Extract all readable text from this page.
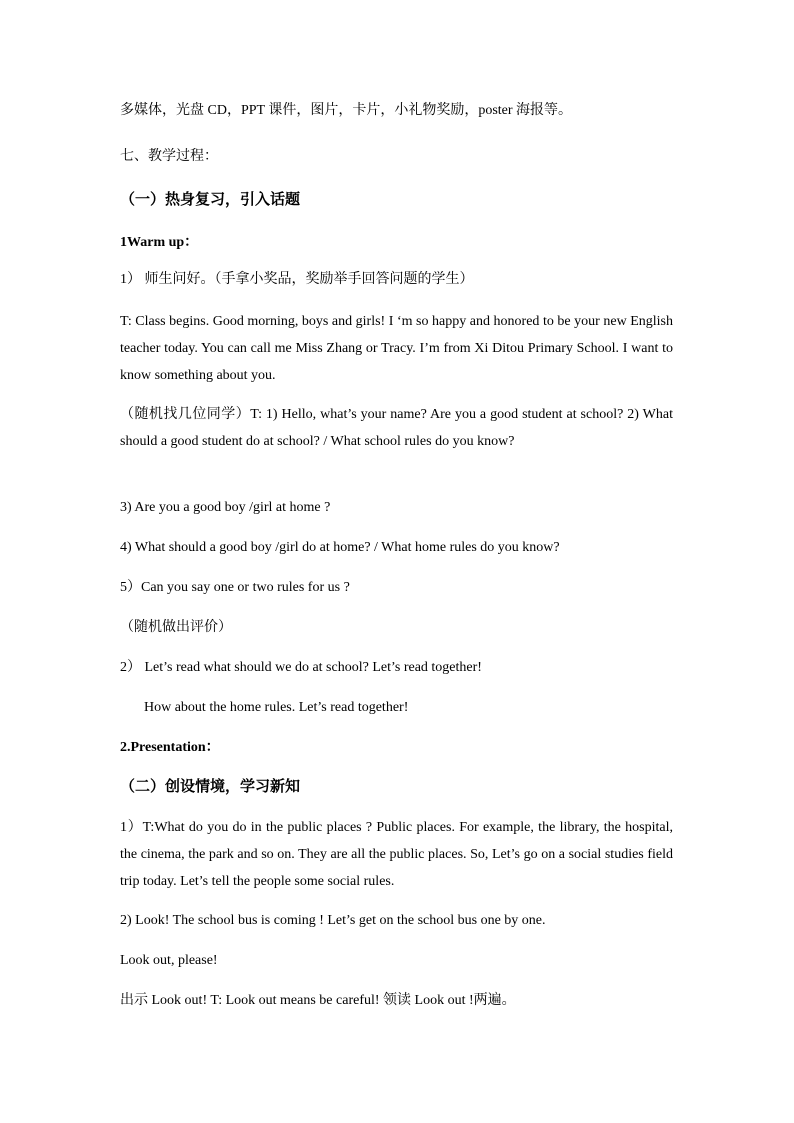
多媒体，光盘 CD，PPT 课件，图片，卡片，小礼物奖励，poster 海报等。
七、教学过程：
（一）热身复习，引入话题
1Warm up：
1） 师生问好。（手拿小奖品，奖励举手回答问题的学生）
T: Class begins. Good morning, boys and girls! I ‘m so happy and honored to be your new English teacher today. You can call me Miss Zhang or Tracy. I’m from Xi Ditou Primary School. I want to know something about you.
（随机找几位同学）T: 1) Hello, what’s your name? Are you a good student at school? 2) What should a good student do at school? / What school rules do you know?
3) Are you a good boy /girl at home ?
4) What should a good boy /girl do at home? / What home rules do you know?
5）Can you say one or two rules for us ?
（随机做出评价）
2） Let’s read what should we do at school? Let’s read together!
How about the home rules. Let’s read together!
2.Presentation：
（二）创设情境，学习新知
1）T:What do you do in the public places ? Public places. For example, the library, the hospital, the cinema, the park and so on. They are all the public places. So, Let’s go on a social studies field trip today. Let’s tell the people some social rules.
2) Look! The school bus is coming ! Let’s get on the school bus one by one.
Look out, please!
出示 Look out! T: Look out means be careful! 领读 Look out !两遍。
